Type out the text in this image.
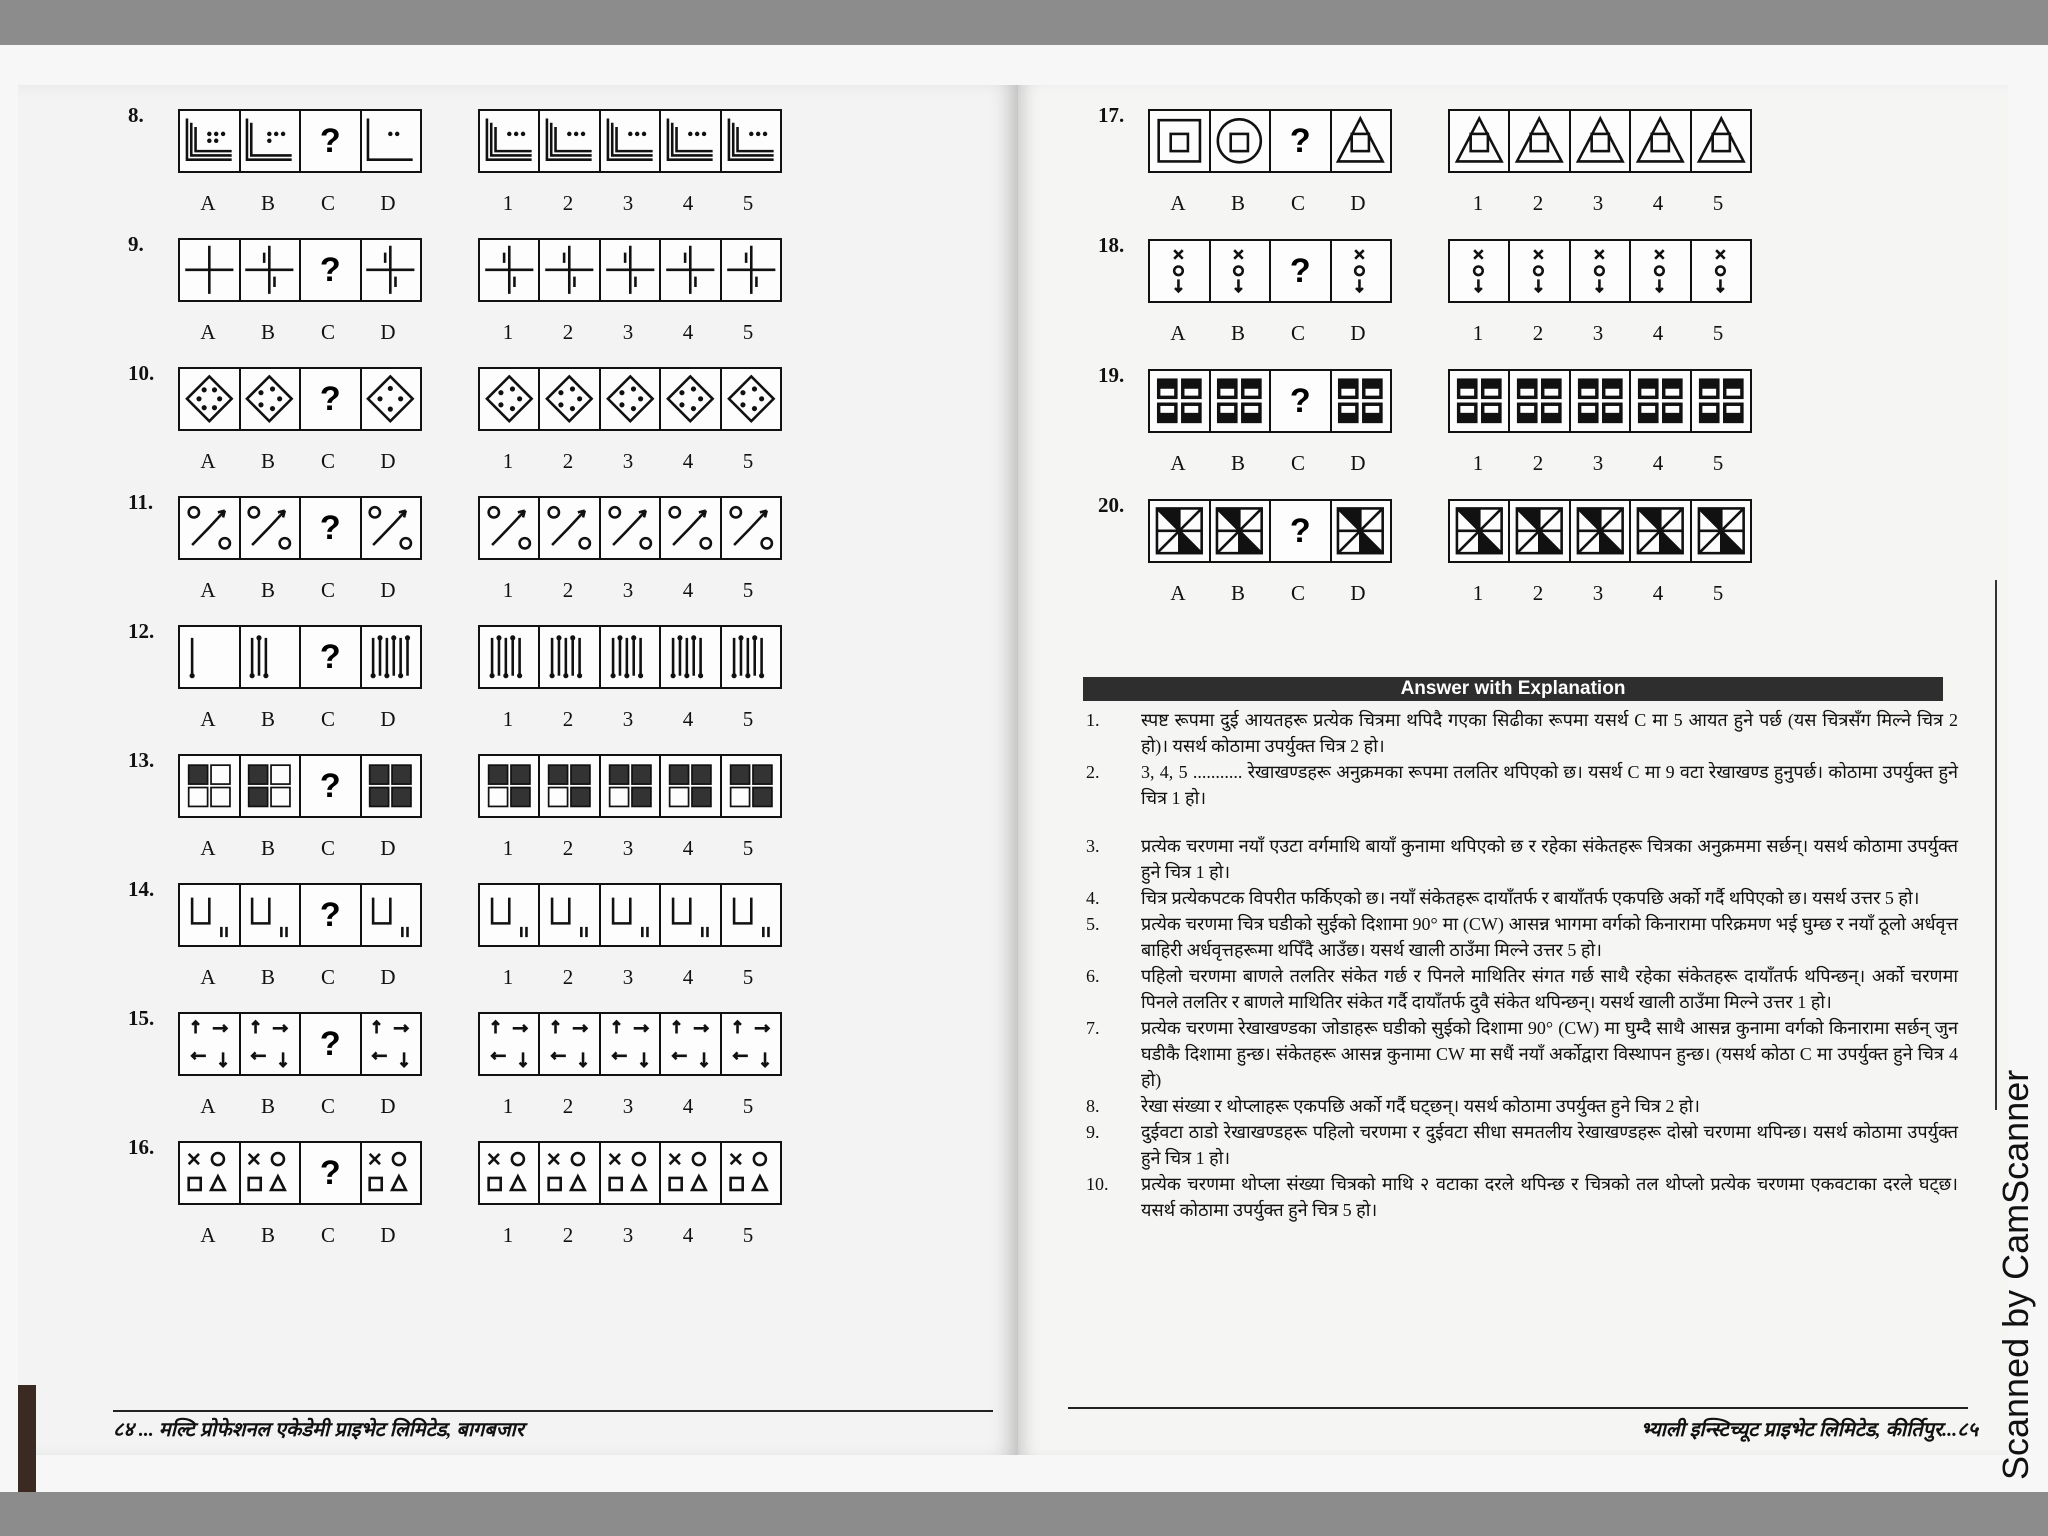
8.
?
A	B	C	D	1	2	3	4	5
9.
?
A	B	C	D	1	2	3	4	5
10.
?
A	B	C	D	1	2	3	4	5
11.
?
A	B	C	D	1	2	3	4	5
12.
?
A	B	C	D	1	2	3	4	5
13.
?
A	B	C	D	1	2	3	4	5
14.
?
A	B	C	D	1	2	3	4	5
15.
?
A	B	C	D	1	2	3	4	5
16.
?
A	B	C	D	1	2	3	4	5
८४ ... मल्टि प्रोफेशनल एकेडेमी प्राइभेट लिमिटेड, बागबजार
17.
?
A	B	C	D	1	2	3	4	5
18.
?
A	B	C	D	1	2	3	4	5
19.
?
A	B	C	D	1	2	3	4	5
20.
?
A	B	C	D	1	2	3	4	5
Answer with Explanation
1.	स्पष्ट रूपमा दुई आयतहरू प्रत्येक चित्रमा थपिदै गएका सिढीका रूपमा यसर्थ C मा 5 आयत हुने पर्छ (यस चित्रसँग मिल्ने चित्र 2 हो)। यसर्थ कोठामा उपर्युक्त चित्र 2 हो।
2.	3, 4, 5 ........... रेखाखण्डहरू अनुक्रमका रूपमा तलतिर थपिएको छ। यसर्थ C मा 9 वटा रेखाखण्ड हुनुपर्छ। कोठामा उपर्युक्त हुने चित्र 1 हो।
3.	प्रत्येक चरणमा नयाँ एउटा वर्गमाथि बायाँ कुनामा थपिएको छ र रहेका संकेतहरू चित्रका अनुक्रममा सर्छन्। यसर्थ कोठामा उपर्युक्त हुने चित्र 1 हो।
4.	चित्र प्रत्येकपटक विपरीत फर्किएको छ। नयाँ संकेतहरू दायाँतर्फ र बायाँतर्फ एकपछि अर्को गर्दै थपिएको छ। यसर्थ उत्तर 5 हो।
5.	प्रत्येक चरणमा चित्र घडीको सुईको दिशामा 90° मा (CW) आसन्न भागमा वर्गको किनारामा परिक्रमण भई घुम्छ र नयाँ ठूलो अर्धवृत्त बाहिरी अर्धवृत्तहरूमा थपिँदै आउँछ। यसर्थ खाली ठाउँमा मिल्ने उत्तर 5 हो।
6.	पहिलो चरणमा बाणले तलतिर संकेत गर्छ र पिनले माथितिर संगत गर्छ साथै रहेका संकेतहरू दायाँतर्फ थपिन्छन्। अर्को चरणमा पिनले तलतिर र बाणले माथितिर संकेत गर्दै दायाँतर्फ दुवै संकेत थपिन्छन्। यसर्थ खाली ठाउँमा मिल्ने उत्तर 1 हो।
7.	प्रत्येक चरणमा रेखाखण्डका जोडाहरू घडीको सुईको दिशामा 90° (CW) मा घुम्दै साथै आसन्न कुनामा वर्गको किनारामा सर्छन् जुन घडीकै दिशामा हुन्छ। संकेतहरू आसन्न कुनामा CW मा सधैं नयाँ अर्कोद्वारा विस्थापन हुन्छ। (यसर्थ कोठा C मा उपर्युक्त हुने चित्र 4 हो)
8.	रेखा संख्या र थोप्लाहरू एकपछि अर्को गर्दै घट्छन्। यसर्थ कोठामा उपर्युक्त हुने चित्र 2 हो।
9.	दुईवटा ठाडो रेखाखण्डहरू पहिलो चरणमा र दुईवटा सीधा समतलीय रेखाखण्डहरू दोस्रो चरणमा थपिन्छ। यसर्थ कोठामा उपर्युक्त हुने चित्र 1 हो।
10.	प्रत्येक चरणमा थोप्ला संख्या चित्रको माथि २ वटाका दरले थपिन्छ र चित्रको तल थोप्लो प्रत्येक चरणमा एकवटाका दरले घट्छ। यसर्थ कोठामा उपर्युक्त हुने चित्र 5 हो।
भ्याली इन्स्टिच्यूट प्राइभेट लिमिटेड, कीर्तिपुर...८५ Scanned by CamScanner
